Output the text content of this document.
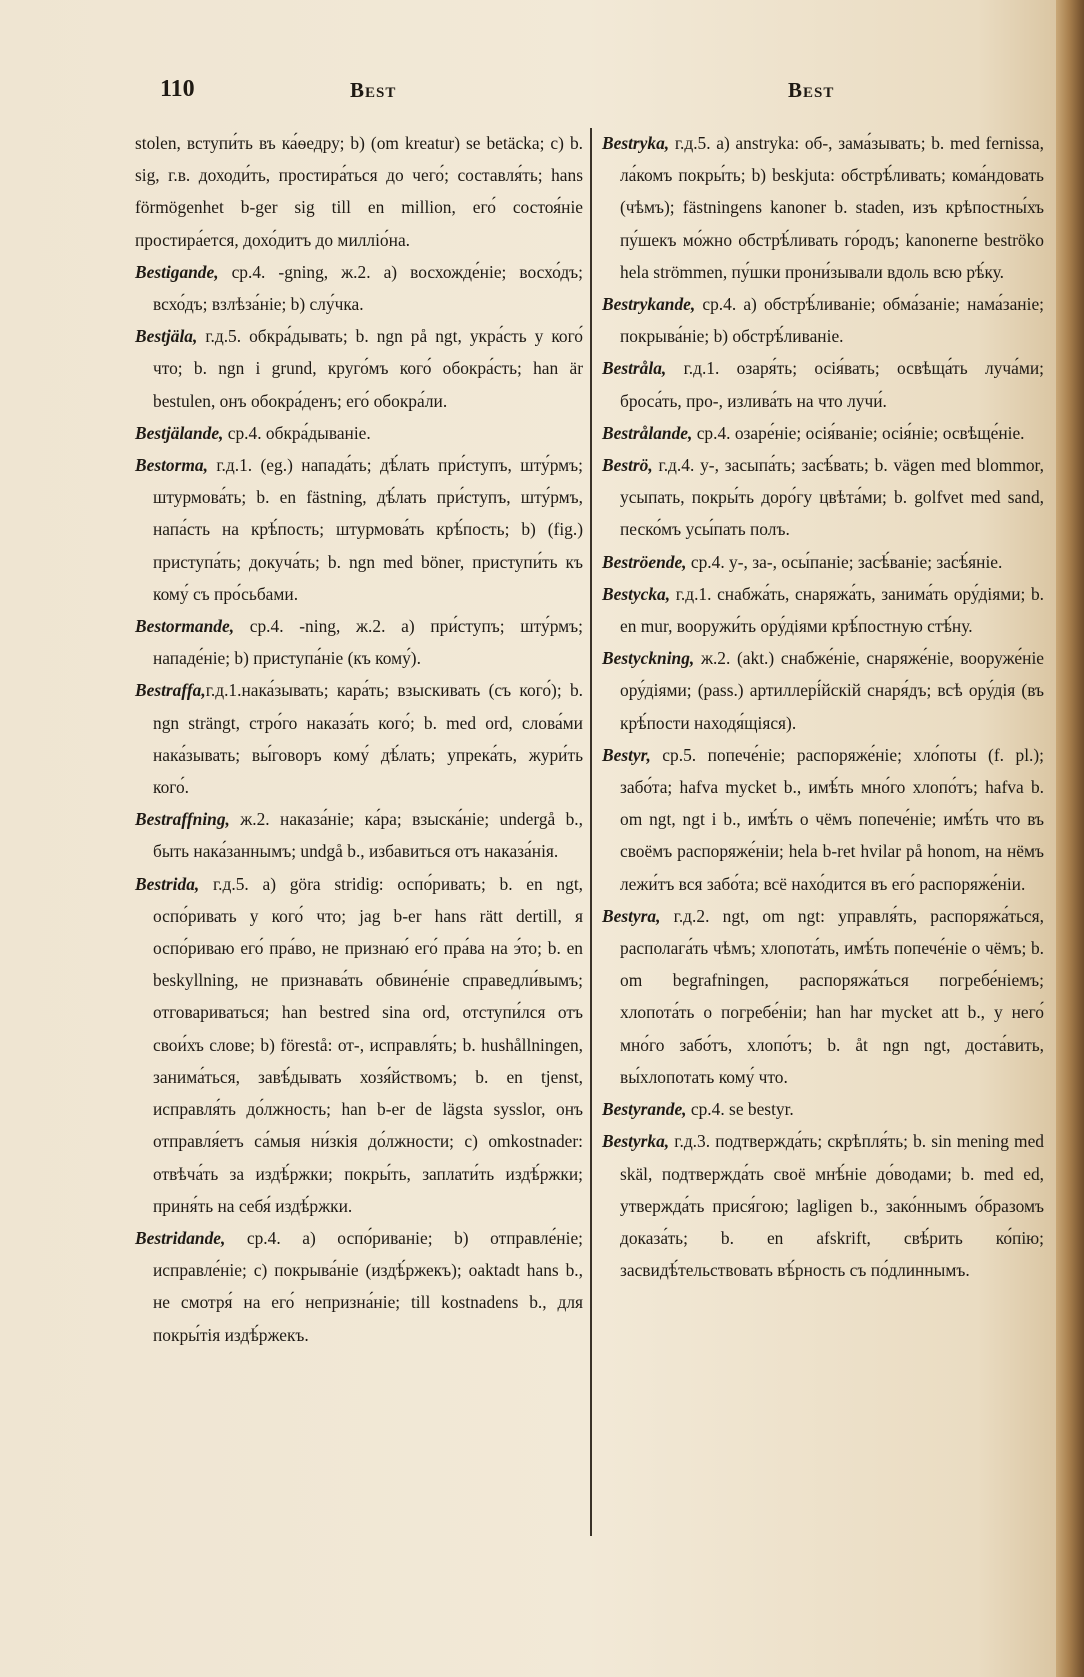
110	Best	Best

stolen, вступи́ть въ ка́ѳедру; b) (om kreatur) se betäcka; c) b. sig, г.в. доходи́ть, простира́ться до чего́; составля́ть; hans förmögenhet b-ger sig till en million, его́ состоя́ніе простира́ется, дохо́дитъ до милліо́на.

Bestigande, ср.4. -gning, ж.2. а) восхожде́ніе; восхо́дъ; всхо́дъ; взлѣза́ніе; b) слу́чка.

Bestjäla, г.д.5. обкра́дывать; b. ngn på ngt, укра́сть у кого́ что; b. ngn i grund, круго́мъ кого́ обокра́сть; han är bestulen, онъ обокра́денъ; его́ обокра́ли.

Bestjälande, ср.4. обкра́дываніе.

Bestorma, г.д.1. (eg.) напада́ть; дѣ́лать при́ступъ, шту́рмъ; штурмова́ть; b. en fästning, дѣ́лать при́ступъ, шту́рмъ, напа́сть на крѣ́пость; штурмова́ть крѣ́пость; b) (fig.) приступа́ть; докуча́ть; b. ngn med böner, приступи́ть къ кому́ съ про́сьбами.

Bestormande, ср.4. -ning, ж.2. а) при́ступъ; шту́рмъ; нападе́ніе; b) приступа́ніе (къ кому́).

Bestraffa,г.д.1.нака́зывать; кара́ть; взыскивать (съ кого́); b. ngn strängt, стро́го наказа́ть кого́; b. med ord, слова́ми нака́зывать; вы́говоръ кому́ дѣ́лать; упрека́ть, жури́ть кого́.

Bestraffning, ж.2. наказа́ніе; ка́ра; взыска́ніе; undergå b., быть нака́заннымъ; undgå b., избавиться отъ наказа́нія.

Bestrida, г.д.5. а) göra stridig: оспо́ривать; b. en ngt, оспо́ривать у кого́ что; jag b-er hans rätt dertill, я оспо́риваю его́ пра́во, не признаю́ его́ пра́ва на э́то; b. en beskyllning, не признава́ть обвине́ніе справедли́вымъ; отговариваться; han bestred sina ord, отступи́лся отъ свои́хъ слове; b) förestå: от-, исправля́ть; b. hushållningen, занима́ться, завѣ́дывать хозя́йствомъ; b. en tjenst, исправля́ть до́лжность; han b-er de lägsta sysslor, онъ отправля́етъ са́мыя ни́зкія до́лжности; c) omkostnader: отвѣча́ть за издѣ́ржки; покры́ть, заплати́ть издѣ́ржки; приня́ть на себя́ издѣ́ржки.

Bestridande, ср.4. а) оспо́риваніе; b) отправле́ніе; исправле́ніе; c) покрыва́ніе (издѣ́ржекъ); oaktadt hans b., не смотря́ на его́ непризна́ніе; till kostnadens b., для покры́тія издѣ́ржекъ.

Bestryka, г.д.5. а) anstryka: об-, зама́зывать; b. med fernissa, ла́комъ покры́ть; b) beskjuta: обстрѣ́ливать; кома́ндовать (чѣмъ); fästningens kanoner b. staden, изъ крѣпостны́хъ пу́шекъ мо́жно обстрѣ́ливать го́родъ; kanonerne beströko hela strömmen, пу́шки прони́зывали вдоль всю рѣ́ку.

Bestrykande, ср.4. а) обстрѣ́ливаніе; обма́заніе; нама́заніе; покрыва́ніе; b) обстрѣ́ливаніе.

Bestråla, г.д.1. озаря́ть; осія́вать; освѣща́ть луча́ми; броса́ть, про-, излива́ть на что лучи́.

Bestrålande, ср.4. озаре́ніе; осія́ваніе; осія́ніе; освѣще́ніе.

Beströ, г.д.4. у-, засыпа́ть; засѣ́вать; b. vägen med blommor, усыпать, покры́ть доро́гу цвѣта́ми; b. golfvet med sand, песко́мъ усы́пать полъ.

Beströende, ср.4. у-, за-, осы́паніе; засѣ́ваніе; засѣ́яніе.

Bestycka, г.д.1. снабжа́ть, снаряжа́ть, занима́ть ору́діями; b. en mur, вооружи́ть ору́діями крѣ́постную стѣ́ну.

Bestyckning, ж.2. (akt.) снабже́ніе, снаряже́ніе, вооруже́ніе ору́діями; (pass.) артиллері́йскій снаря́дъ; всѣ ору́дія (въ крѣ́пости находя́щіяся).

Bestyr, ср.5. попече́ніе; распоряже́ніе; хло́поты (f. pl.); забо́та; hafva mycket b., имѣ́ть мно́го хлопо́тъ; hafva b. om ngt, ngt i b., имѣ́ть о чёмъ попече́ніе; имѣ́ть что въ своёмъ распоряже́ніи; hela b-ret hvilar på honom, на нёмъ лежи́тъ вся забо́та; всё нахо́дится въ его́ распоряже́ніи.

Bestyra, г.д.2. ngt, om ngt: управля́ть, распоряжа́ться, располага́ть чѣмъ; хлопота́ть, имѣ́ть попече́ніе о чёмъ; b. om begrafningen, распоряжа́ться погребе́ніемъ; хлопота́ть о погребе́ніи; han har mycket att b., у него́ мно́го забо́тъ, хлопо́тъ; b. åt ngn ngt, доста́вить, вы́хлопотать кому́ что.

Bestyrande, ср.4. se bestyr.

Bestyrka, г.д.3. подтвержда́ть; скрѣпля́ть; b. sin mening med skäl, подтвержда́ть своё мнѣ́ніе до́водами; b. med ed, утвержда́ть прися́гою; lagligen b., зако́ннымъ о́бразомъ доказа́ть; b. en afskrift, свѣ́рить ко́пію; засвидѣ́тельствовать вѣ́рность съ по́длиннымъ.
